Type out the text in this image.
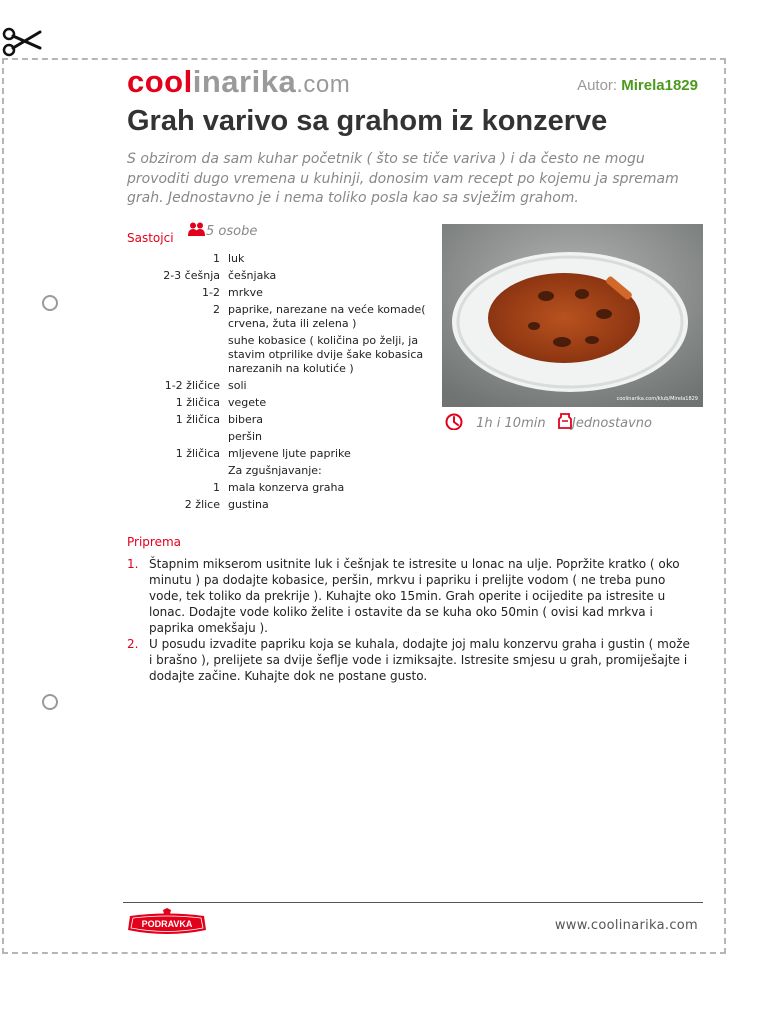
coolinarika.com	Autor: Mirela1829
Grah varivo sa grahom iz konzerve

S obzirom da sam kuhar početnik ( što se tiče variva ) i da često ne mogu provoditi dugo vremena u kuhinji, donosim vam recept po kojemu ja spremam grah. Jednostavno je i nema toliko posla kao sa svježim grahom.

Sastojci	5 osobe
1	luk
2-3 češnja	češnjaka
1-2	mrkve
2	paprike, narezane na veće komade( crvena, žuta ili zelena )
	suhe kobasice ( količina po želji, ja stavim otprilike dvije šake kobasica narezanih na kolutiće )
1-2 žličice	soli
1 žličica	vegete
1 žličica	bibera
	peršin
1 žličica	mljevene ljute paprike
	Za zgušnjavanje:
1	mala konzerva graha
2 žlice	gustina
coolinarika.com/klub/Mirela1829
1h i 10min	Jednostavno
Priprema
1. Štapnim mikserom usitnite luk i češnjak te istresite u lonac na ulje. Popržite kratko ( oko minutu ) pa dodajte kobasice, peršin, mrkvu i papriku i prelijte vodom ( ne treba puno vode, tek toliko da prekrije ). Kuhajte oko 15min. Grah operite i ocijedite pa istresite u lonac. Dodajte vode koliko želite i ostavite da se kuha oko 50min ( ovisi kad mrkva i paprika omekšaju ).
2. U posudu izvadite papriku koja se kuhala, dodajte joj malu konzervu graha i gustin ( može i brašno ), prelijete sa dvije šeflje vode i izmiksajte. Istresite smjesu u grah, promiješajte i dodajte začine. Kuhajte dok ne postane gusto.
PODRAVKA	www.coolinarika.com
